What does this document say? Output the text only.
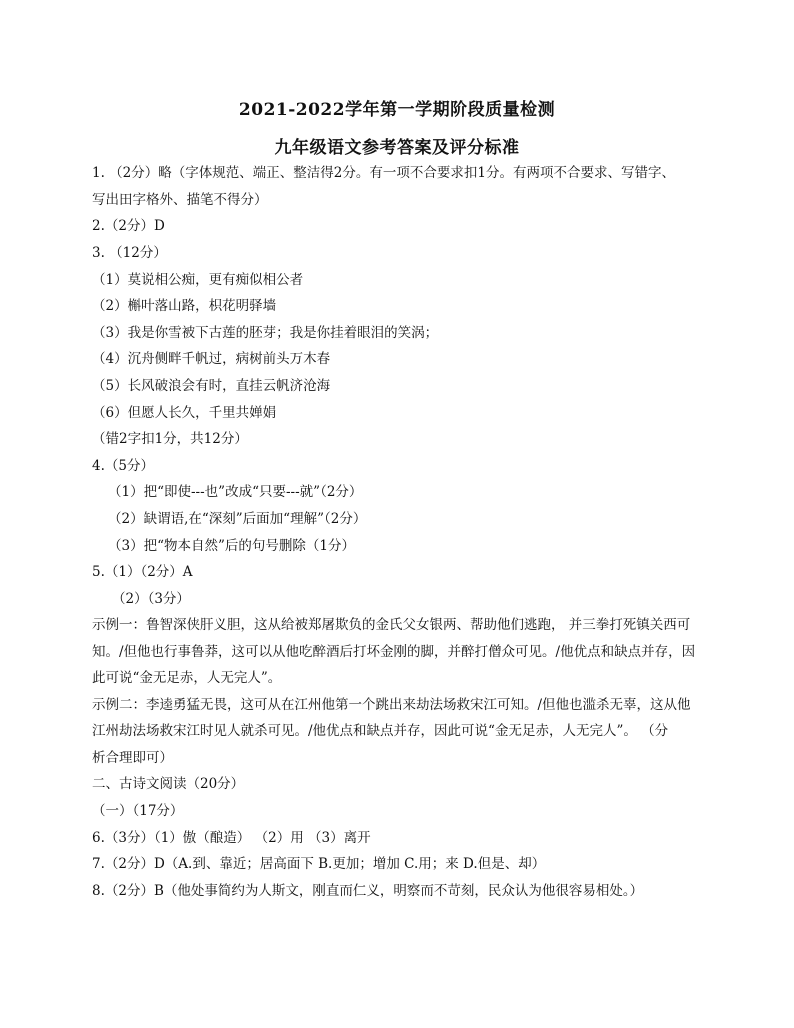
2021-2022学年第一学期阶段质量检测
九年级语文参考答案及评分标准
1. （2分）略（字体规范、端正、整洁得2分。有一项不合要求扣1分。有两项不合要求、写错字、
写出田字格外、描笔不得分）
2.（2分）D
3. （12分）
（1）莫说相公痴，更有痴似相公者
（2）槲叶落山路，枳花明驿墙
（3）我是你雪被下古莲的胚芽；我是你挂着眼泪的笑涡；
（4）沉舟侧畔千帆过，病树前头万木春
（5）长风破浪会有时，直挂云帆济沧海
（6）但愿人长久，千里共婵娟
（错2字扣1分，共12分）
4.（5分）
（1）把“即使---也”改成“只要---就”（2分）
（2）缺谓语,在“深刻”后面加“理解”（2分）
（3）把“物本自然”后的句号删除（1分）
5.（1）（2分）A
（2）（3分）
示例一：鲁智深侠肝义胆，这从给被郑屠欺负的金氏父女银两、帮助他们逃跑， 并三拳打死镇关西可
知。/但他也行事鲁莽，这可以从他吃醉酒后打坏金刚的脚，并醉打僧众可见。/他优点和缺点并存，因
此可说“金无足赤，人无完人”。
示例二：李逵勇猛无畏，这可从在江州他第一个跳出来劫法场救宋江可知。/但他也滥杀无辜，这从他
江州劫法场救宋江时见人就杀可见。/他优点和缺点并存，因此可说“金无足赤，人无完人”。 （分
析合理即可）
二、古诗文阅读（20分）
（一）（17分）
6.（3分）（1）傲（酿造） （2）用 （3）离开
7.（2分）D（A.到、靠近；居高面下 B.更加；增加 C.用；来 D.但是、却）
8.（2分）B（他处事简约为人斯文，刚直而仁义，明察而不苛刻，民众认为他很容易相处。）
